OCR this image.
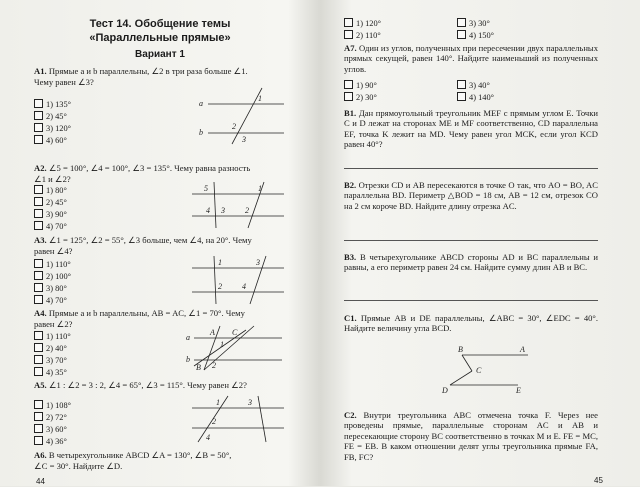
Тест 14. Обобщение темы
«Параллельные прямые»
Вариант 1
А1. Прямые a и b параллельны, ∠2 в три раза больше ∠1.
Чему равен ∠3?
1) 135°
2) 45°
3) 120°
4) 60°
a
b
1
2
3
А2. ∠5 = 100°, ∠4 = 100°, ∠3 = 135°. Чему равна разность
∠1 и ∠2?
1) 80°
2) 45°
3) 90°
4) 70°
5
4 3
1
2
А3. ∠1 = 125°, ∠2 = 55°, ∠3 больше, чем ∠4, на 20°. Чему
равен ∠4?
1) 110°
2) 100°
3) 80°
4) 70°
1
2
3
4
А4. Прямые a и b параллельны, AB = AC, ∠1 = 70°. Чему
равен ∠2?
1) 110°
2) 40°
3) 70°
4) 35°
a
b
A
B
C
1
2
А5. ∠1 : ∠2 = 3 : 2, ∠4 = 65°, ∠3 = 115°. Чему равен ∠2?
1) 108°
2) 72°
3) 60°
4) 36°
1
2
3
4
А6. В четырехугольнике ABCD ∠A = 130°, ∠B = 50°,
∠C = 30°. Найдите ∠D.
44
1) 120°
2) 110°
3) 30°
4) 150°
А7. Один из углов, полученных при пересечении двух параллельных прямых секущей, равен 140°. Найдите наименьший из полученных углов.
1) 90°
2) 30°
3) 40°
4) 140°
В1. Дан прямоугольный треугольник MEF с прямым углом E. Точки C и D лежат на сторонах ME и MF соответственно, CD параллельна EF, точка K лежит на MD. Чему равен угол MCK, если угол KCD равен 40°?
В2. Отрезки CD и AB пересекаются в точке O так, что AO = BO, AC параллельна BD. Периметр △BOD = 18 см, AB = 12 см, отрезок CO на 2 см короче BD. Найдите длину отрезка AC.
В3. В четырехугольнике ABCD стороны AD и BC параллельны и равны, а его периметр равен 24 см. Найдите сумму длин AB и BC.
С1. Прямые AB и DE параллельны, ∠ABC = 30°, ∠EDC = 40°. Найдите величину угла BCD.
B	A
C
D	E
С2. Внутри треугольника ABC отмечена точка F. Через нее проведены прямые, параллельные сторонам AC и AB и пересекающие сторону BC соответственно в точках M и E. FE = MC, FE = EB. В каком отношении делят углы треугольника прямые FA, FB, FC?
45
